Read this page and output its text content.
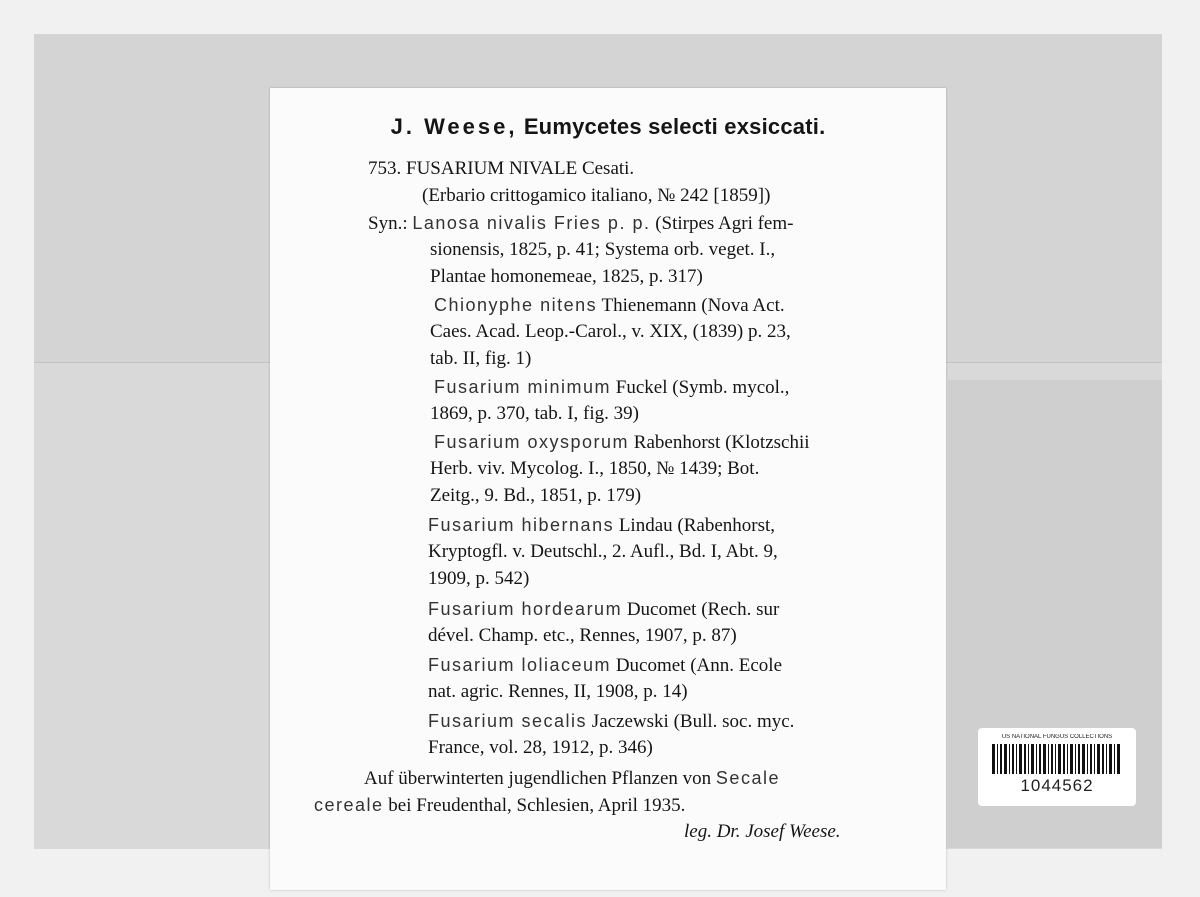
J. Weese, Eumycetes selecti exsiccati.
753. FUSARIUM NIVALE Cesati.
(Erbario crittogamico italiano, № 242 [1859])
Syn.: Lanosa nivalis Fries p. p. (Stirpes Agri fem-
sionensis, 1825, p. 41; Systema orb. veget. I.,
Plantae homonemeae, 1825, p. 317)
Chionyphe nitens Thienemann (Nova Act.
Caes. Acad. Leop.-Carol., v. XIX, (1839) p. 23,
tab. II, fig. 1)
Fusarium minimum Fuckel (Symb. mycol.,
1869, p. 370, tab. I, fig. 39)
Fusarium oxysporum Rabenhorst (Klotzschii
Herb. viv. Mycolog. I., 1850, № 1439; Bot.
Zeitg., 9. Bd., 1851, p. 179)
Fusarium hibernans Lindau (Rabenhorst,
Kryptogfl. v. Deutschl., 2. Aufl., Bd. I, Abt. 9,
1909, p. 542)
Fusarium hordearum Ducomet (Rech. sur
dével. Champ. etc., Rennes, 1907, p. 87)
Fusarium loliaceum Ducomet (Ann. Ecole
nat. agric. Rennes, II, 1908, p. 14)
Fusarium secalis Jaczewski (Bull. soc. myc.
France, vol. 28, 1912, p. 346)
Auf überwinterten jugendlichen Pflanzen von Secale
cereale bei Freudenthal, Schlesien, April 1935.
leg. Dr. Josef Weese.
US NATIONAL FUNGUS COLLECTIONS
1044562
